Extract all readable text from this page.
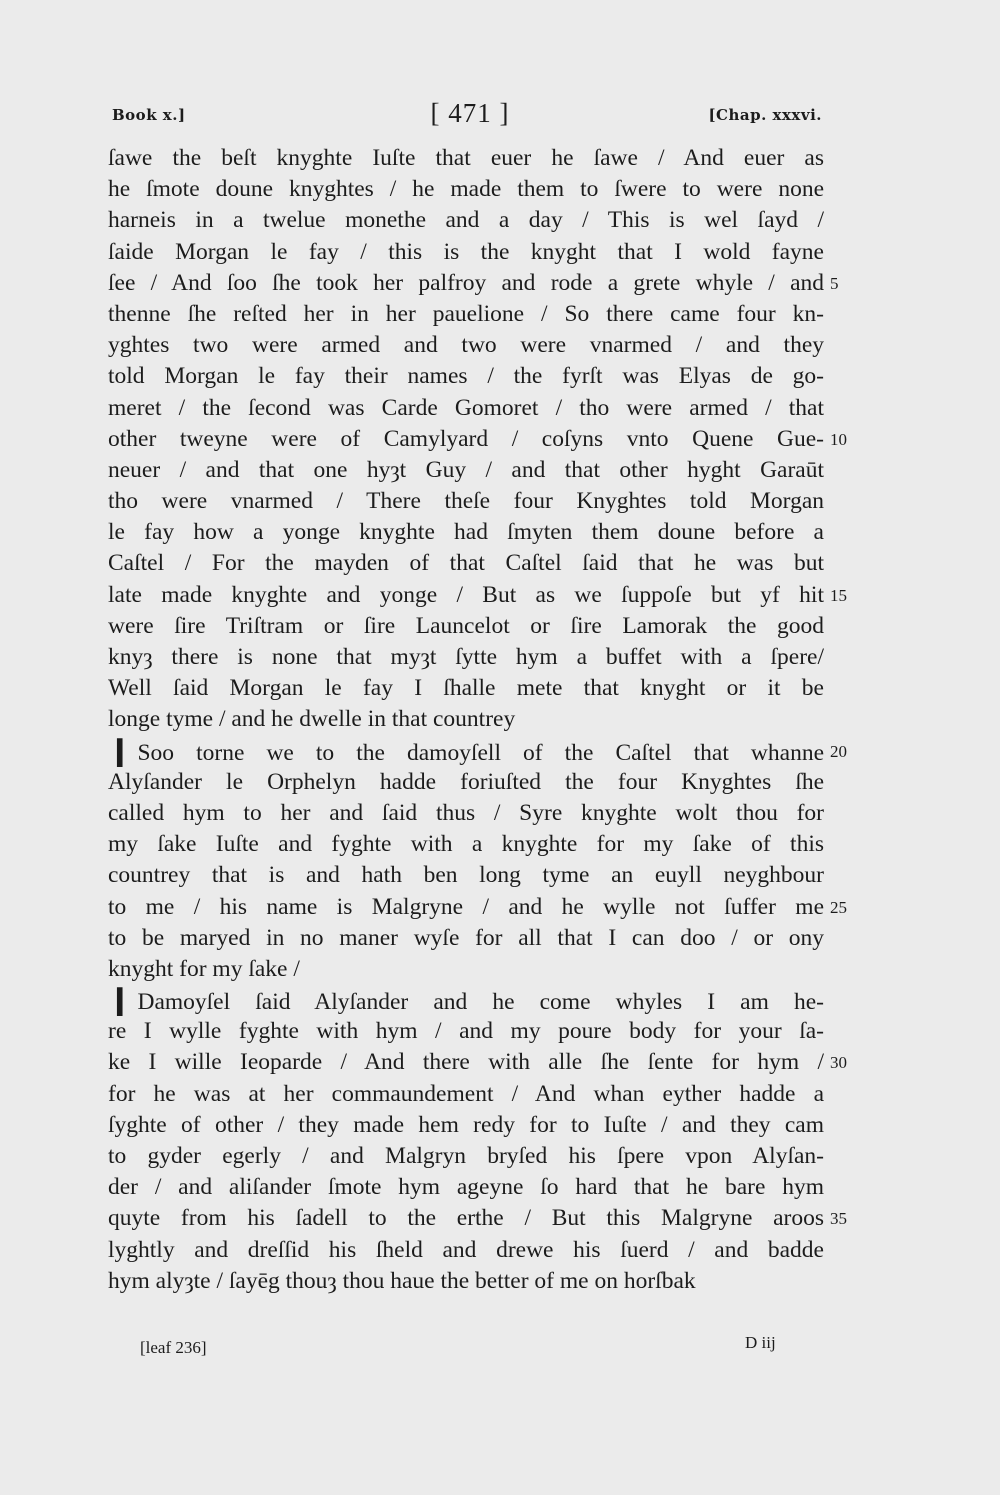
Book x.]	[ 471 ]	[Chap. xxxvi.
ſawe the beſt knyghte Iuſte that euer he ſawe / And euer as
he ſmote doune knyghtes / he made them to ſwere to were none
harneis in a twelue monethe and a day / This is wel ſayd /
ſaide Morgan le fay / this is the knyght that I wold fayne
ſee / And ſoo ſhe took her palfroy and rode a grete whyle / and
thenne ſhe reſted her in her pauelione / So there came four kn-
yghtes two were armed and two were vnarmed / and they
told Morgan le fay their names / the fyrſt was Elyas de go-
meret / the ſecond was Carde Gomoret / tho were armed / that
other tweyne were of Camylyard / coſyns vnto Quene Gue-
neuer / and that one hyȝt Guy / and that other hyght Garaūt
tho were vnarmed / There theſe four Knyghtes told Morgan
le fay how a yonge knyghte had ſmyten them doune before a
Caſtel / For the mayden of that Caſtel ſaid that he was but
late made knyghte and yonge / But as we ſuppoſe but yf hit
were ſire Triſtram or ſire Launcelot or ſire Lamorak the good
knyȝ there is none that myȝt ſytte hym a buffet with a ſpere/
Well ſaid Morgan le fay I ſhalle mete that knyght or it be
longe tyme / and he dwelle in that countrey
❙ Soo torne we to the damoyſell of the Caſtel that whanne
Alyſander le Orphelyn hadde foriuſted the four Knyghtes ſhe
called hym to her and ſaid thus / Syre knyghte wolt thou for
my ſake Iuſte and fyghte with a knyghte for my ſake of this
countrey that is and hath ben long tyme an euyll neyghbour
to me / his name is Malgryne / and he wylle not ſuffer me
to be maryed in no maner wyſe for all that I can doo / or ony
knyght for my ſake /
❙ Damoyſel ſaid Alyſander and he come whyles I am he-
re I wylle fyghte with hym / and my poure body for your ſa-
ke I wille Ieoparde / And there with alle ſhe ſente for hym /
for he was at her commaundement / And whan eyther hadde a
ſyghte of other / they made hem redy for to Iuſte / and they cam
to gyder egerly / and Malgryn bryſed his ſpere vpon Alyſan-
der / and aliſander ſmote hym ageyne ſo hard that he bare hym
quyte from his ſadell to the erthe / But this Malgryne aroos
lyghtly and dreſſid his ſheld and drewe his ſuerd / and badde
hym alyȝte / ſayēg thouȝ thou haue the better of me on horſbak
5
10
15
20
25
30
35
[leaf 236]	D iij
